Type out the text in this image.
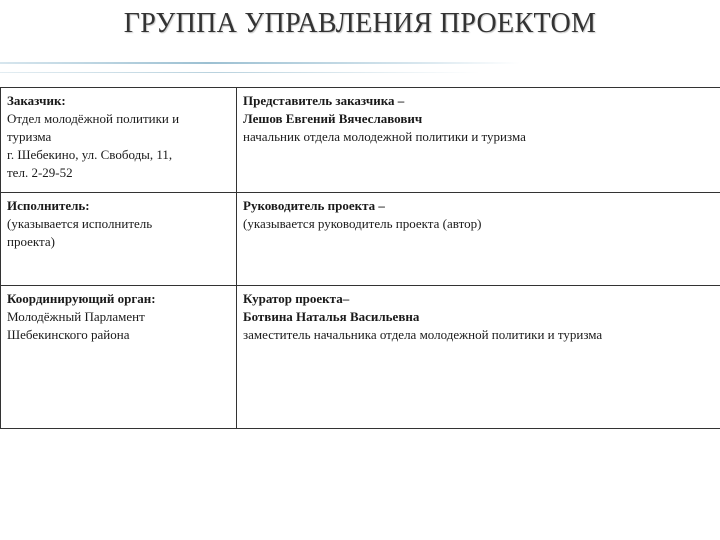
ГРУППА УПРАВЛЕНИЯ ПРОЕКТОМ
Заказчик:
Отдел молодёжной политики и
туризма
г. Шебекино, ул. Свободы, 11,
тел. 2-29-52	Представитель заказчика –
Лешов Евгений Вячеславович
начальник отдела молодежной политики и туризма

Исполнитель:
(указывается исполнитель
проекта)	Руководитель проекта –
(указывается руководитель проекта (автор)

Координирующий орган:
Молодёжный Парламент
Шебекинского района	Куратор проекта–
Ботвина Наталья Васильевна
заместитель начальника отдела молодежной политики и туризма
